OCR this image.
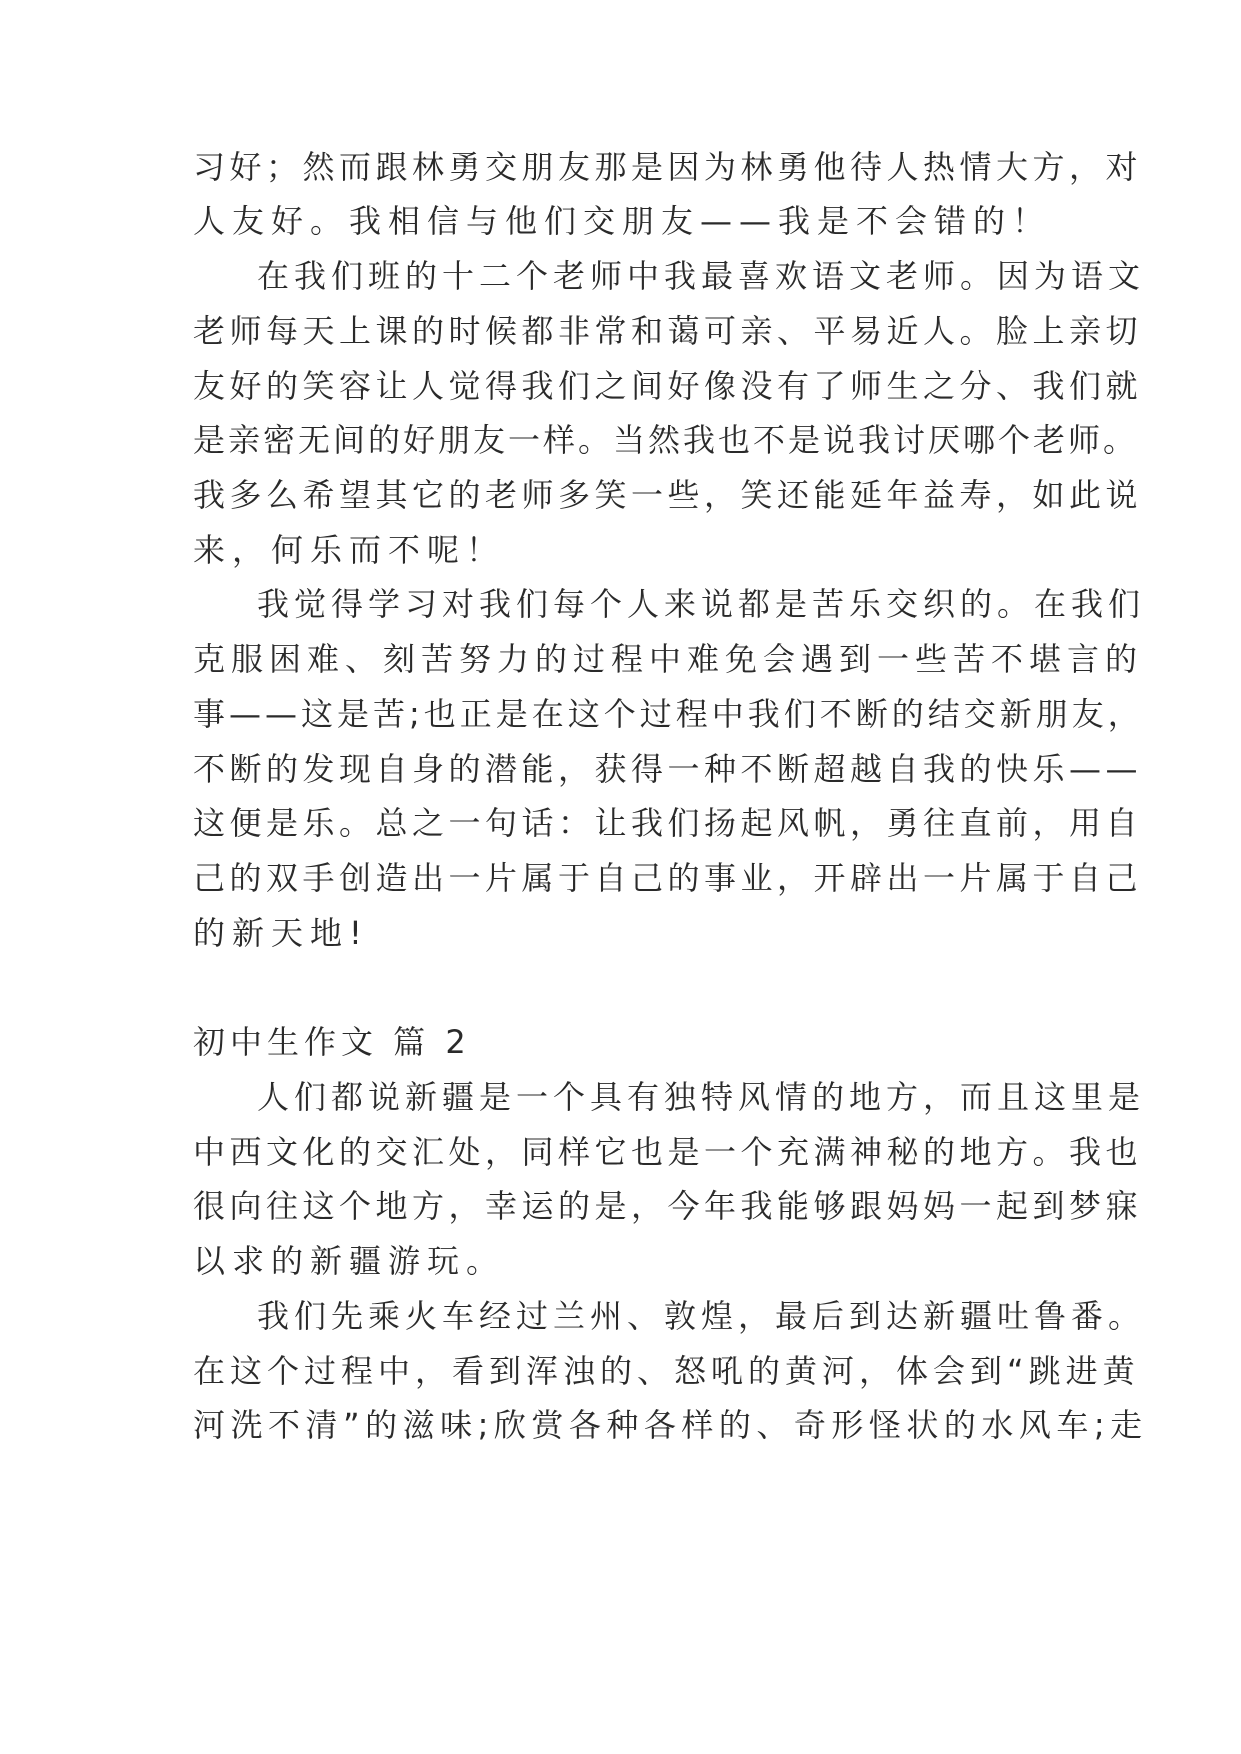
习好；然而跟林勇交朋友那是因为林勇他待人热情大方，对
人友好。我相信与他们交朋友——我是不会错的！
在我们班的十二个老师中我最喜欢语文老师。因为语文
老师每天上课的时候都非常和蔼可亲、平易近人。脸上亲切
友好的笑容让人觉得我们之间好像没有了师生之分、我们就
是亲密无间的好朋友一样。当然我也不是说我讨厌哪个老师。
我多么希望其它的老师多笑一些，笑还能延年益寿，如此说
来，何乐而不呢！
我觉得学习对我们每个人来说都是苦乐交织的。在我们
克服困难、刻苦努力的过程中难免会遇到一些苦不堪言的
事——这是苦;也正是在这个过程中我们不断的结交新朋友，
不断的发现自身的潜能，获得一种不断超越自我的快乐——
这便是乐。总之一句话：让我们扬起风帆，勇往直前，用自
己的双手创造出一片属于自己的事业，开辟出一片属于自己
的新天地!
初中生作文 篇 2
人们都说新疆是一个具有独特风情的地方，而且这里是
中西文化的交汇处，同样它也是一个充满神秘的地方。我也
很向往这个地方，幸运的是，今年我能够跟妈妈一起到梦寐
以求的新疆游玩。
我们先乘火车经过兰州、敦煌，最后到达新疆吐鲁番。
在这个过程中，看到浑浊的、怒吼的黄河，体会到“跳进黄
河洗不清”的滋味;欣赏各种各样的、奇形怪状的水风车;走
